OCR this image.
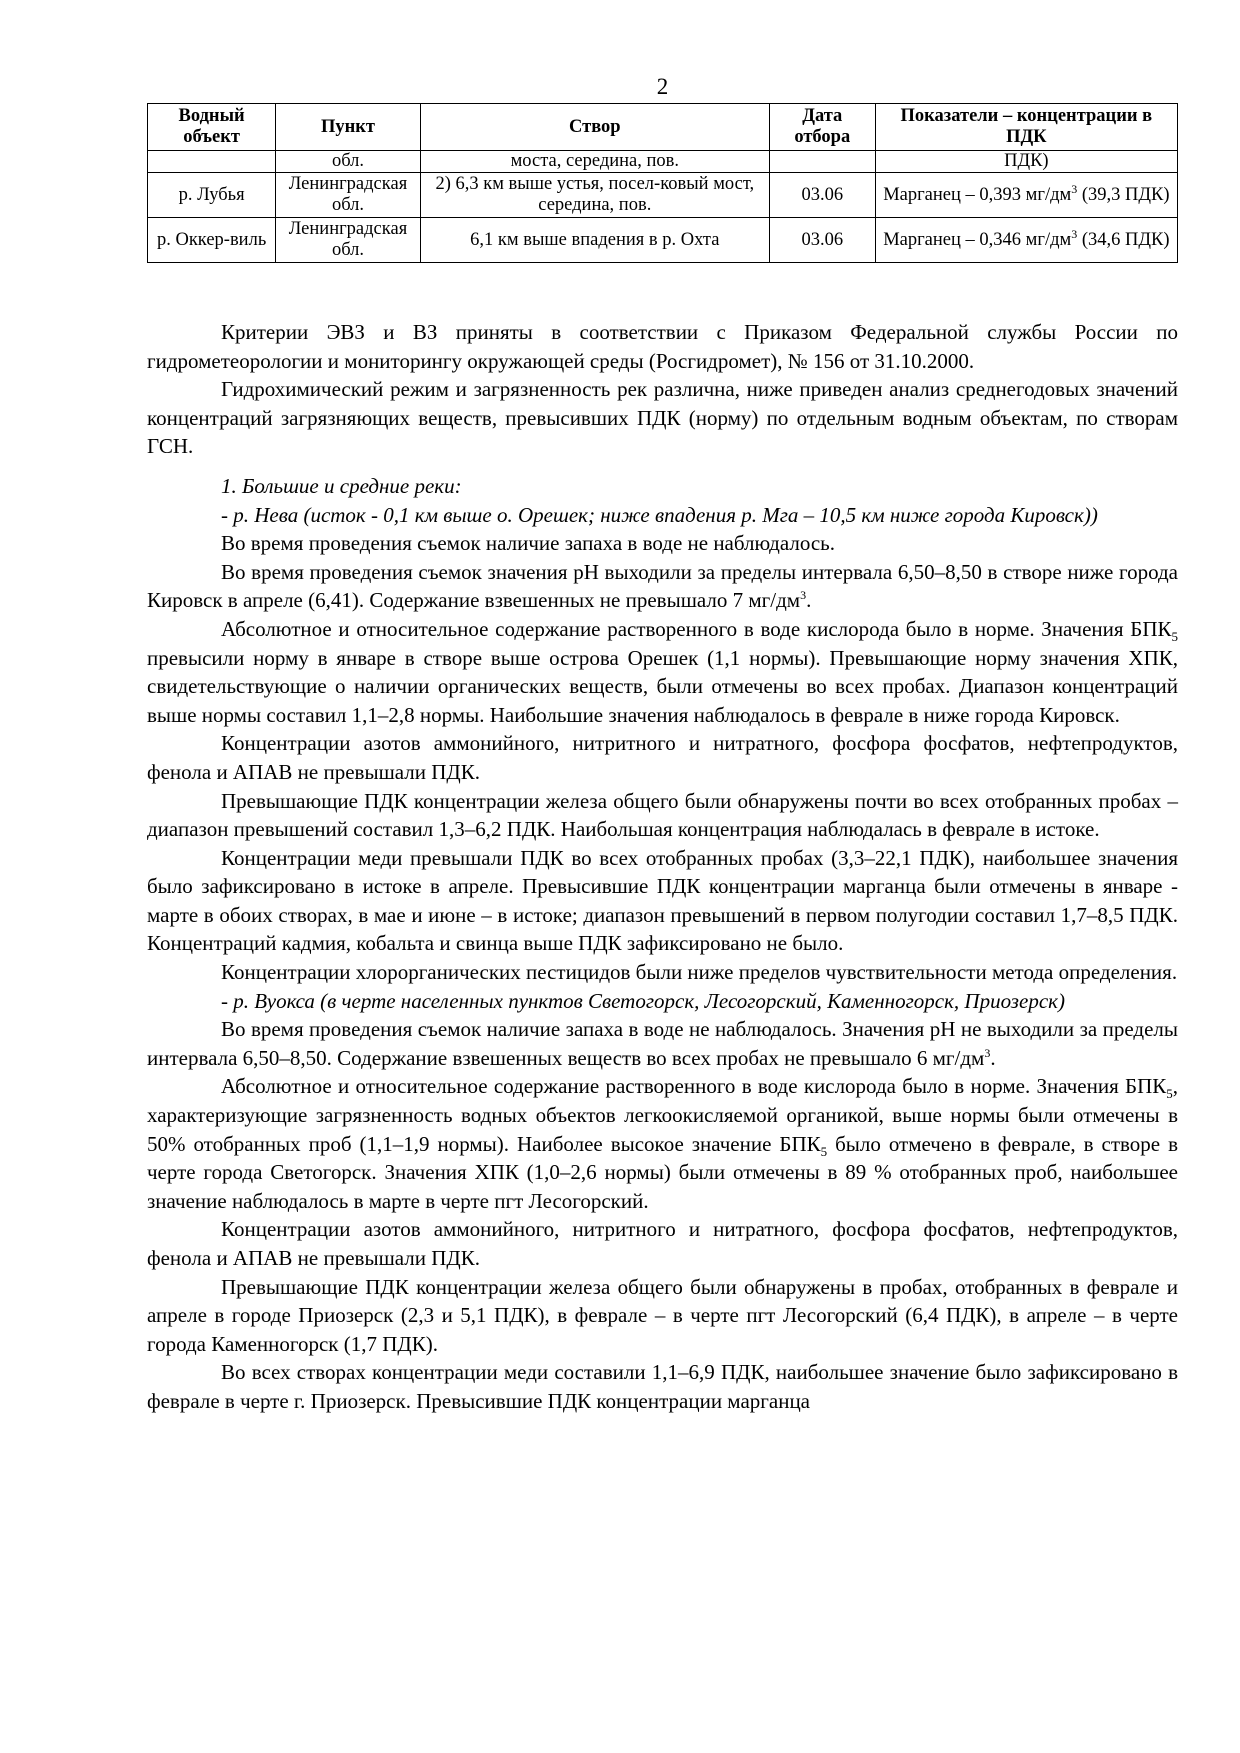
2
Водный объект	Пункт	Створ	Дата отбора	Показатели – концентрации в ПДК
	обл.	моста, середина, пов.		ПДК)
р. Лубья	Ленинградская обл.	2) 6,3 км выше устья, посел-ковый мост, середина, пов.	03.06	Марганец – 0,393 $мг/дм^3$ (39,3 ПДК)
р. Оккер-виль	Ленинградская обл.	6,1 км выше впадения в р. Охта	03.06	Марганец – 0,346 $мг/дм^3$ (34,6 ПДК)

Критерии ЭВЗ и ВЗ приняты в соответствии с Приказом Федеральной службы России по гидрометеорологии и мониторингу окружающей среды (Росгидромет), № 156 от 31.10.2000.

Гидрохимический режим и загрязненность рек различна, ниже приведен анализ среднегодовых значений концентраций загрязняющих веществ, превысивших ПДК (норму) по отдельным водным объектам, по створам ГСН.

1. Большие и средние реки:

- р. Нева (исток - 0,1 км выше о. Орешек; ниже впадения р. Мга – 10,5 км ниже города Кировск))

Во время проведения съемок наличие запаха в воде не наблюдалось.

Во время проведения съемок значения pH выходили за пределы интервала 6,50–8,50 в створе ниже города Кировск в апреле (6,41). Содержание взвешенных не превышало 7 $мг/дм^3$.

Абсолютное и относительное содержание растворенного в воде кислорода было в норме. Значения $БПК_5$ превысили норму в январе в створе выше острова Орешек (1,1 нормы). Превышающие норму значения ХПК, свидетельствующие о наличии органических веществ, были отмечены во всех пробах. Диапазон концентраций выше нормы составил 1,1–2,8 нормы. Наибольшие значения наблюдалось в феврале в ниже города Кировск.

Концентрации азотов аммонийного, нитритного и нитратного, фосфора фосфатов, нефтепродуктов, фенола и АПАВ не превышали ПДК.

Превышающие ПДК концентрации железа общего были обнаружены почти во всех отобранных пробах – диапазон превышений составил 1,3–6,2 ПДК. Наибольшая концентрация наблюдалась в феврале в истоке.

Концентрации меди превышали ПДК во всех отобранных пробах (3,3–22,1 ПДК), наибольшее значения было зафиксировано в истоке в апреле. Превысившие ПДК концентрации марганца были отмечены в январе - марте в обоих створах, в мае и июне – в истоке; диапазон превышений в первом полугодии составил 1,7–8,5 ПДК. Концентраций кадмия, кобальта и свинца выше ПДК зафиксировано не было.

Концентрации хлорорганических пестицидов были ниже пределов чувствительности метода определения.

- р. Вуокса (в черте населенных пунктов Светогорск, Лесогорский, Каменногорск, Приозерск)

Во время проведения съемок наличие запаха в воде не наблюдалось. Значения pH не выходили за пределы интервала 6,50–8,50. Содержание взвешенных веществ во всех пробах не превышало 6 $мг/дм^3$.

Абсолютное и относительное содержание растворенного в воде кислорода было в норме. Значения $БПК_5$, характеризующие загрязненность водных объектов легкоокисляемой органикой, выше нормы были отмечены в 50% отобранных проб (1,1–1,9 нормы). Наиболее высокое значение $БПК_5$ было отмечено в феврале, в створе в черте города Светогорск. Значения ХПК (1,0–2,6 нормы) были отмечены в 89 % отобранных проб, наибольшее значение наблюдалось в марте в черте пгт Лесогорский.

Концентрации азотов аммонийного, нитритного и нитратного, фосфора фосфатов, нефтепродуктов, фенола и АПАВ не превышали ПДК.

Превышающие ПДК концентрации железа общего были обнаружены в пробах, отобранных в феврале и апреле в городе Приозерск (2,3 и 5,1 ПДК), в феврале – в черте пгт Лесогорский (6,4 ПДК), в апреле – в черте города Каменногорск (1,7 ПДК).

Во всех створах концентрации меди составили 1,1–6,9 ПДК, наибольшее значение было зафиксировано в феврале в черте г. Приозерск. Превысившие ПДК концентрации марганца
